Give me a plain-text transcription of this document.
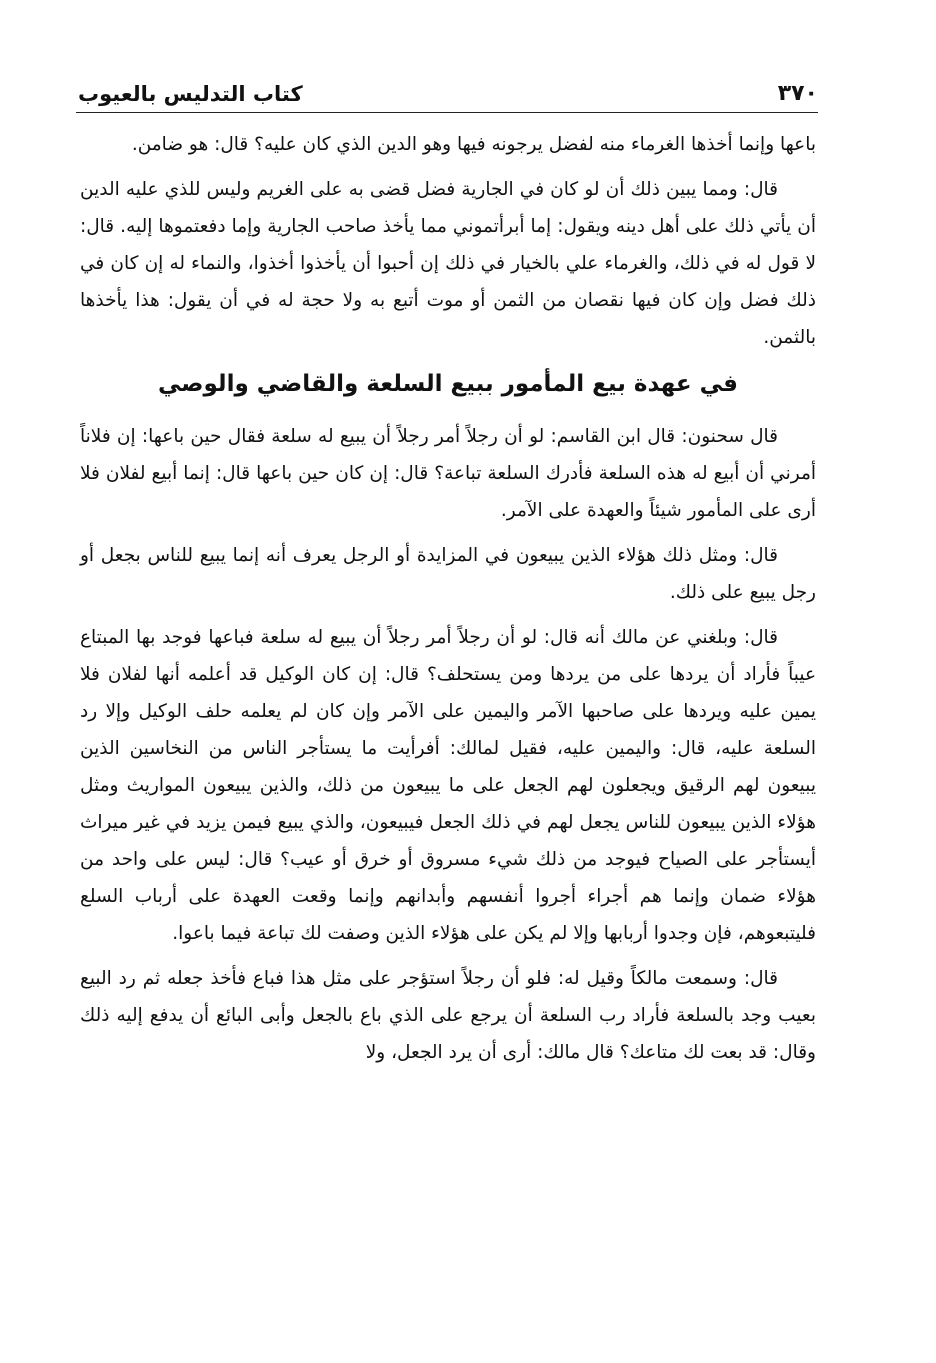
٣٧٠
كتاب التدليس بالعيوب

باعها وإنما أخذها الغرماء منه لفضل يرجونه فيها وهو الدين الذي كان عليه؟ قال: هو ضامن.

قال: ومما يبين ذلك أن لو كان في الجارية فضل قضى به على الغريم وليس للذي عليه الدين أن يأتي ذلك على أهل دينه ويقول: إما أبرأتموني مما يأخذ صاحب الجارية وإما دفعتموها إليه. قال: لا قول له في ذلك، والغرماء علي بالخيار في ذلك إن أحبوا أن يأخذوا أخذوا، والنماء له إن كان في ذلك فضل وإن كان فيها نقصان من الثمن أو موت أتبع به ولا حجة له في أن يقول: هذا يأخذها بالثمن.

في عهدة بيع المأمور ببيع السلعة والقاضي والوصي

قال سحنون: قال ابن القاسم: لو أن رجلاً أمر رجلاً أن يبيع له سلعة فقال حين باعها: إن فلاناً أمرني أن أبيع له هذه السلعة فأدرك السلعة تباعة؟ قال: إن كان حين باعها قال: إنما أبيع لفلان فلا أرى على المأمور شيئاً والعهدة على الآمر.

قال: ومثل ذلك هؤلاء الذين يبيعون في المزايدة أو الرجل يعرف أنه إنما يبيع للناس بجعل أو رجل يبيع على ذلك.

قال: وبلغني عن مالك أنه قال: لو أن رجلاً أمر رجلاً أن يبيع له سلعة فباعها فوجد بها المبتاع عيباً فأراد أن يردها على من يردها ومن يستحلف؟ قال: إن كان الوكيل قد أعلمه أنها لفلان فلا يمين عليه ويردها على صاحبها الآمر واليمين على الآمر وإن كان لم يعلمه حلف الوكيل وإلا رد السلعة عليه، قال: واليمين عليه، فقيل لمالك: أفرأيت ما يستأجر الناس من النخاسين الذين يبيعون لهم الرقيق ويجعلون لهم الجعل على ما يبيعون من ذلك، والذين يبيعون المواريث ومثل هؤلاء الذين يبيعون للناس يجعل لهم في ذلك الجعل فيبيعون، والذي يبيع فيمن يزيد في غير ميراث أيستأجر على الصياح فيوجد من ذلك شيء مسروق أو خرق أو عيب؟ قال: ليس على واحد من هؤلاء ضمان وإنما هم أجراء أجروا أنفسهم وأبدانهم وإنما وقعت العهدة على أرباب السلع فليتبعوهم، فإن وجدوا أربابها وإلا لم يكن على هؤلاء الذين وصفت لك تباعة فيما باعوا.

قال: وسمعت مالكاً وقيل له: فلو أن رجلاً استؤجر على مثل هذا فباع فأخذ جعله ثم رد البيع بعيب وجد بالسلعة فأراد رب السلعة أن يرجع على الذي باع بالجعل وأبى البائع أن يدفع إليه ذلك وقال: قد بعت لك متاعك؟ قال مالك: أرى أن يرد الجعل، ولا
